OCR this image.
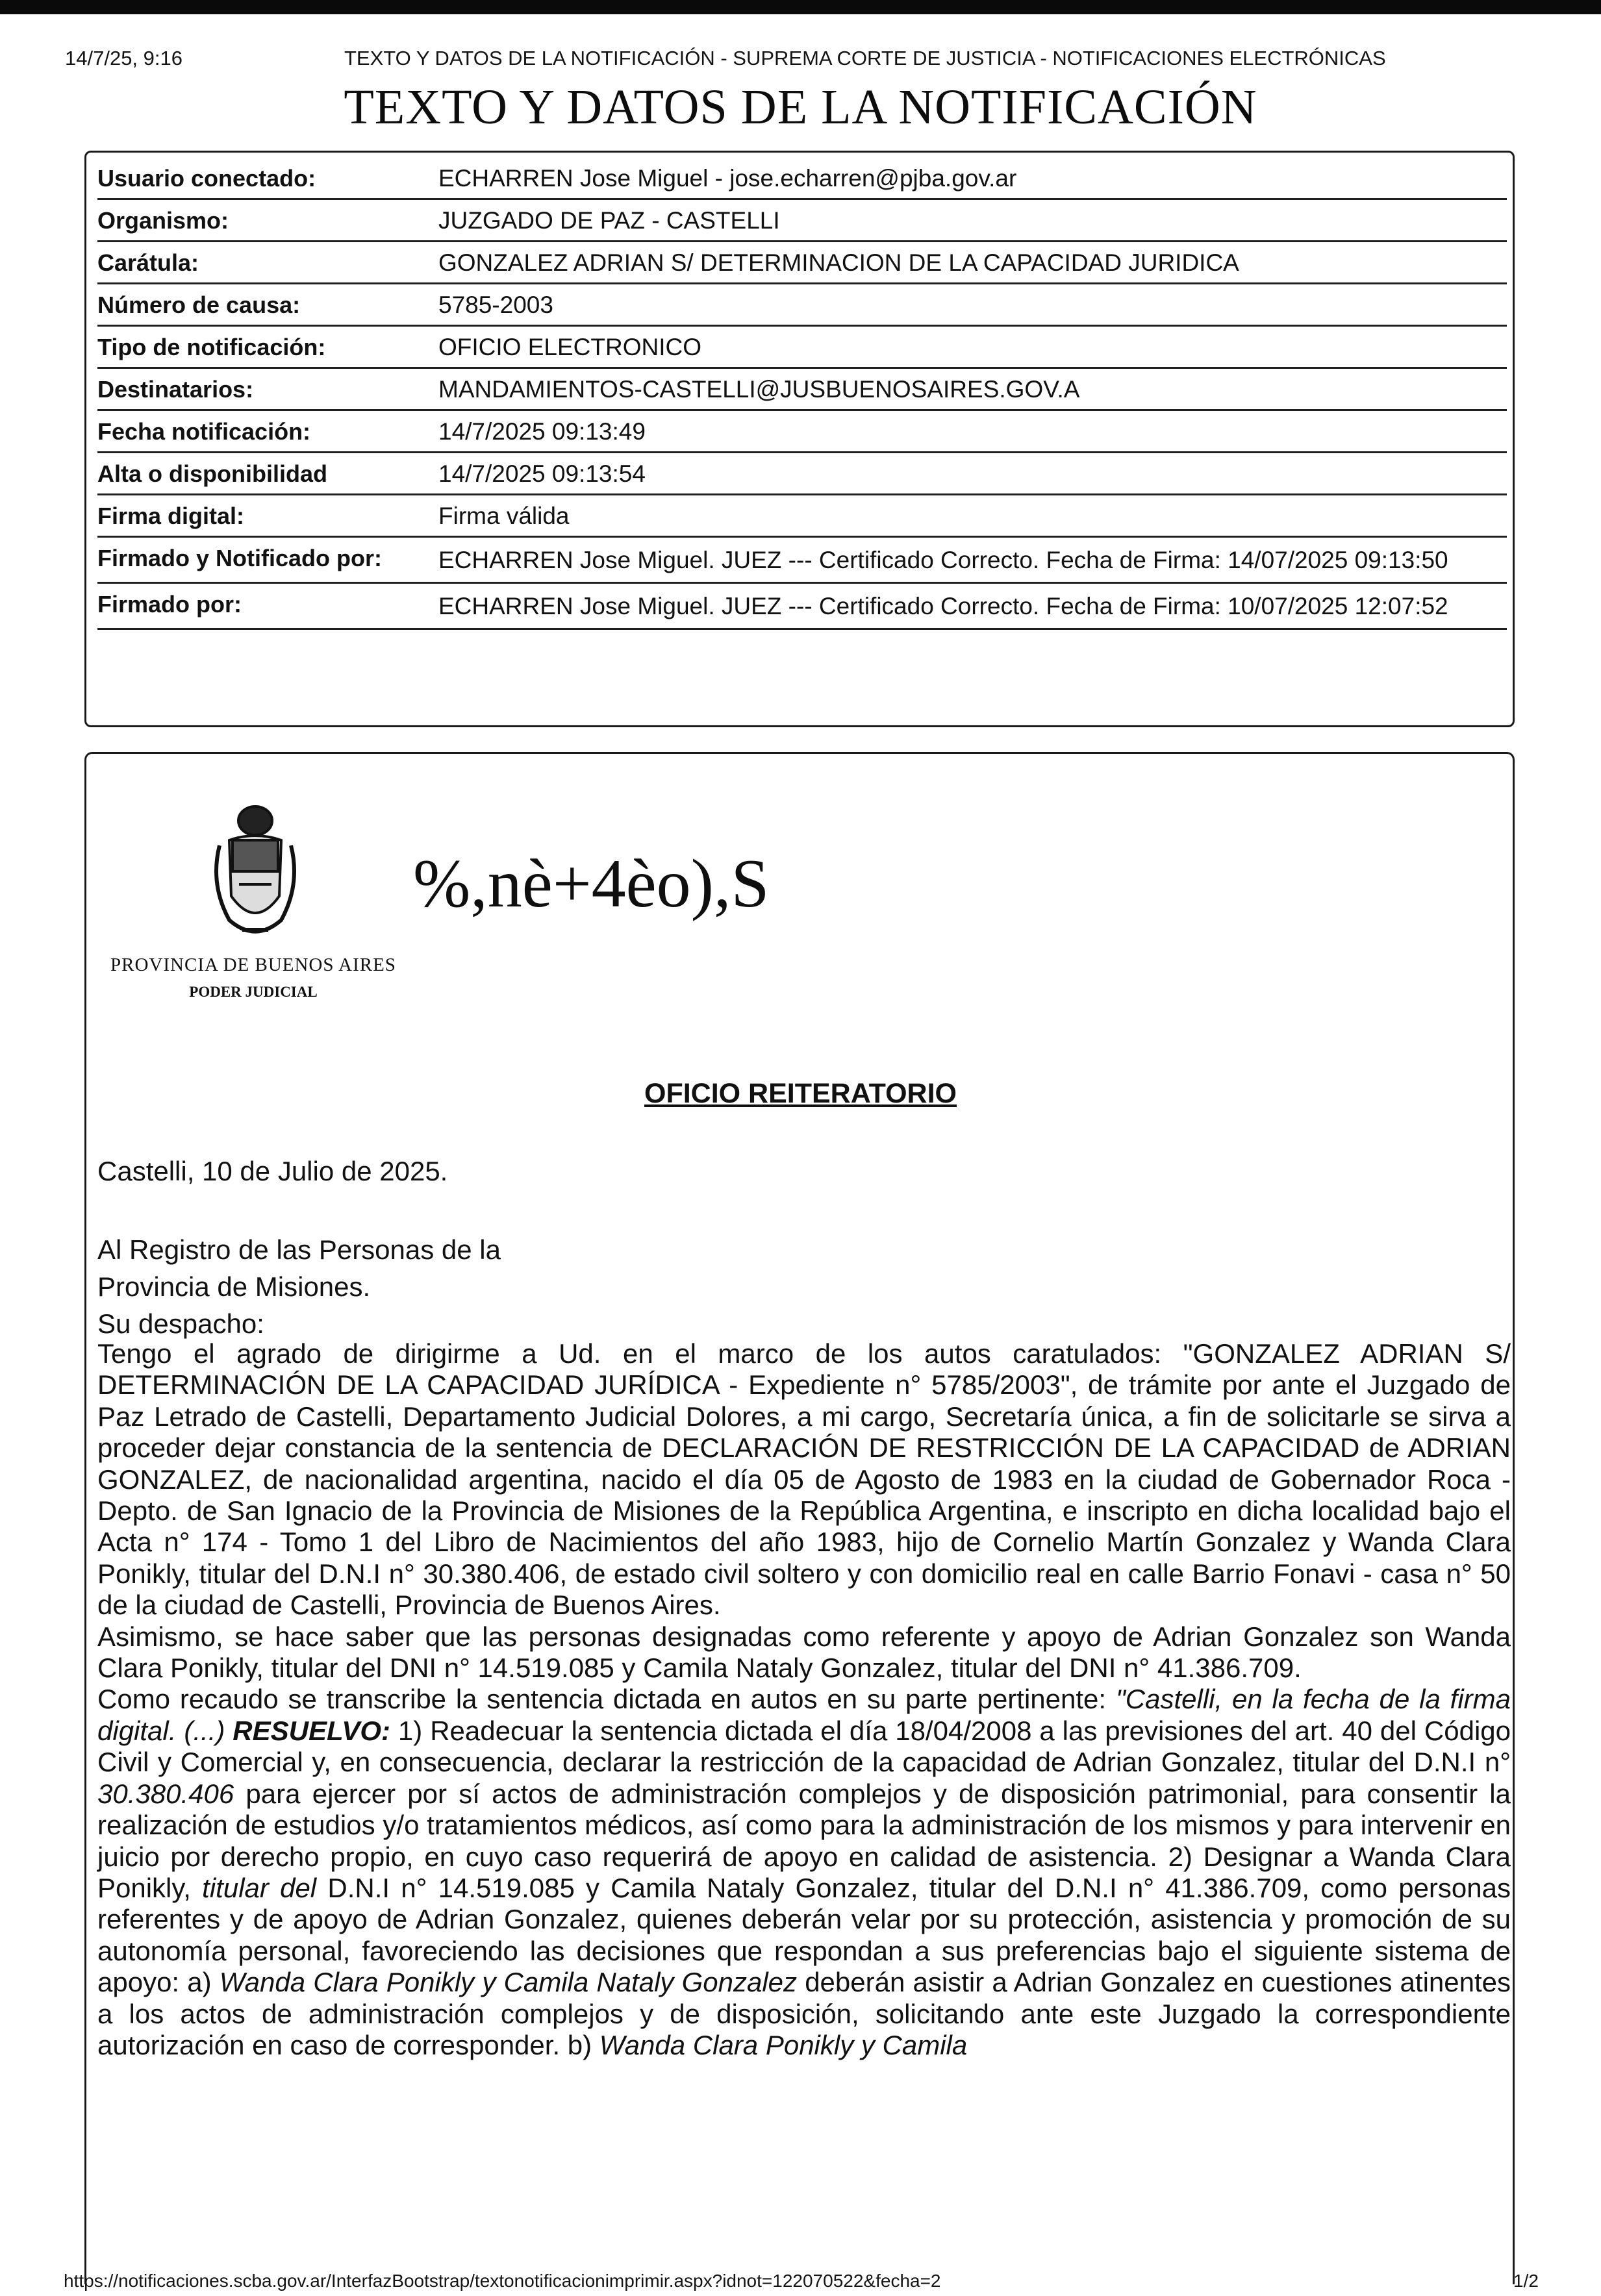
14/7/25, 9:16	TEXTO Y DATOS DE LA NOTIFICACIÓN - SUPREMA CORTE DE JUSTICIA - NOTIFICACIONES ELECTRÓNICAS
TEXTO Y DATOS DE LA NOTIFICACIÓN
Usuario conectado:	ECHARREN Jose Miguel - jose.echarren@pjba.gov.ar
Organismo:	JUZGADO DE PAZ - CASTELLI
Carátula:	GONZALEZ ADRIAN S/ DETERMINACION DE LA CAPACIDAD JURIDICA
Número de causa:	5785-2003
Tipo de notificación:	OFICIO ELECTRONICO
Destinatarios:	MANDAMIENTOS-CASTELLI@JUSBUENOSAIRES.GOV.A
Fecha notificación:	14/7/2025 09:13:49
Alta o disponibilidad	14/7/2025 09:13:54
Firma digital:	Firma válida
Firmado y Notificado por:	ECHARREN Jose Miguel. JUEZ --- Certificado Correcto. Fecha de Firma: 14/07/2025 09:13:50
Firmado por:	ECHARREN Jose Miguel. JUEZ --- Certificado Correcto. Fecha de Firma: 10/07/2025 12:07:52
PROVINCIA DE BUENOS AIRES
PODER JUDICIAL
%,nè+4èo),S
OFICIO REITERATORIO
Castelli, 10 de Julio de 2025.
Al Registro de las Personas de la
Provincia de Misiones.
Su despacho:

Tengo el agrado de dirigirme a Ud. en el marco de los autos caratulados: "GONZALEZ ADRIAN S/ DETERMINACIÓN DE LA CAPACIDAD JURÍDICA - Expediente n° 5785/2003", de trámite por ante el Juzgado de Paz Letrado de Castelli, Departamento Judicial Dolores, a mi cargo, Secretaría única, a fin de solicitarle se sirva a proceder dejar constancia de la sentencia de DECLARACIÓN DE RESTRICCIÓN DE LA CAPACIDAD de ADRIAN GONZALEZ, de nacionalidad argentina, nacido el día 05 de Agosto de 1983 en la ciudad de Gobernador Roca - Depto. de San Ignacio de la Provincia de Misiones de la República Argentina, e inscripto en dicha localidad bajo el Acta n° 174 - Tomo 1 del Libro de Nacimientos del año 1983, hijo de Cornelio Martín Gonzalez y Wanda Clara Ponikly, titular del D.N.I n° 30.380.406, de estado civil soltero y con domicilio real en calle Barrio Fonavi - casa n° 50 de la ciudad de Castelli, Provincia de Buenos Aires.

Asimismo, se hace saber que las personas designadas como referente y apoyo de Adrian Gonzalez son Wanda Clara Ponikly, titular del DNI n° 14.519.085 y Camila Nataly Gonzalez, titular del DNI n° 41.386.709.

Como recaudo se transcribe la sentencia dictada en autos en su parte pertinente: "Castelli, en la fecha de la firma digital. (...) RESUELVO: 1) Readecuar la sentencia dictada el día 18/04/2008 a las previsiones del art. 40 del Código Civil y Comercial y, en consecuencia, declarar la restricción de la capacidad de Adrian Gonzalez, titular del D.N.I n° 30.380.406 para ejercer por sí actos de administración complejos y de disposición patrimonial, para consentir la realización de estudios y/o tratamientos médicos, así como para la administración de los mismos y para intervenir en juicio por derecho propio, en cuyo caso requerirá de apoyo en calidad de asistencia. 2) Designar a Wanda Clara Ponikly, titular del D.N.I n° 14.519.085 y Camila Nataly Gonzalez, titular del D.N.I n° 41.386.709, como personas referentes y de apoyo de Adrian Gonzalez, quienes deberán velar por su protección, asistencia y promoción de su autonomía personal, favoreciendo las decisiones que respondan a sus preferencias bajo el siguiente sistema de apoyo: a) Wanda Clara Ponikly y Camila Nataly Gonzalez deberán asistir a Adrian Gonzalez en cuestiones atinentes a los actos de administración complejos y de disposición, solicitando ante este Juzgado la correspondiente autorización en caso de corresponder. b) Wanda Clara Ponikly y Camila

https://notificaciones.scba.gov.ar/InterfazBootstrap/textonotificacionimprimir.aspx?idnot=122070522&fecha=2	1/2
